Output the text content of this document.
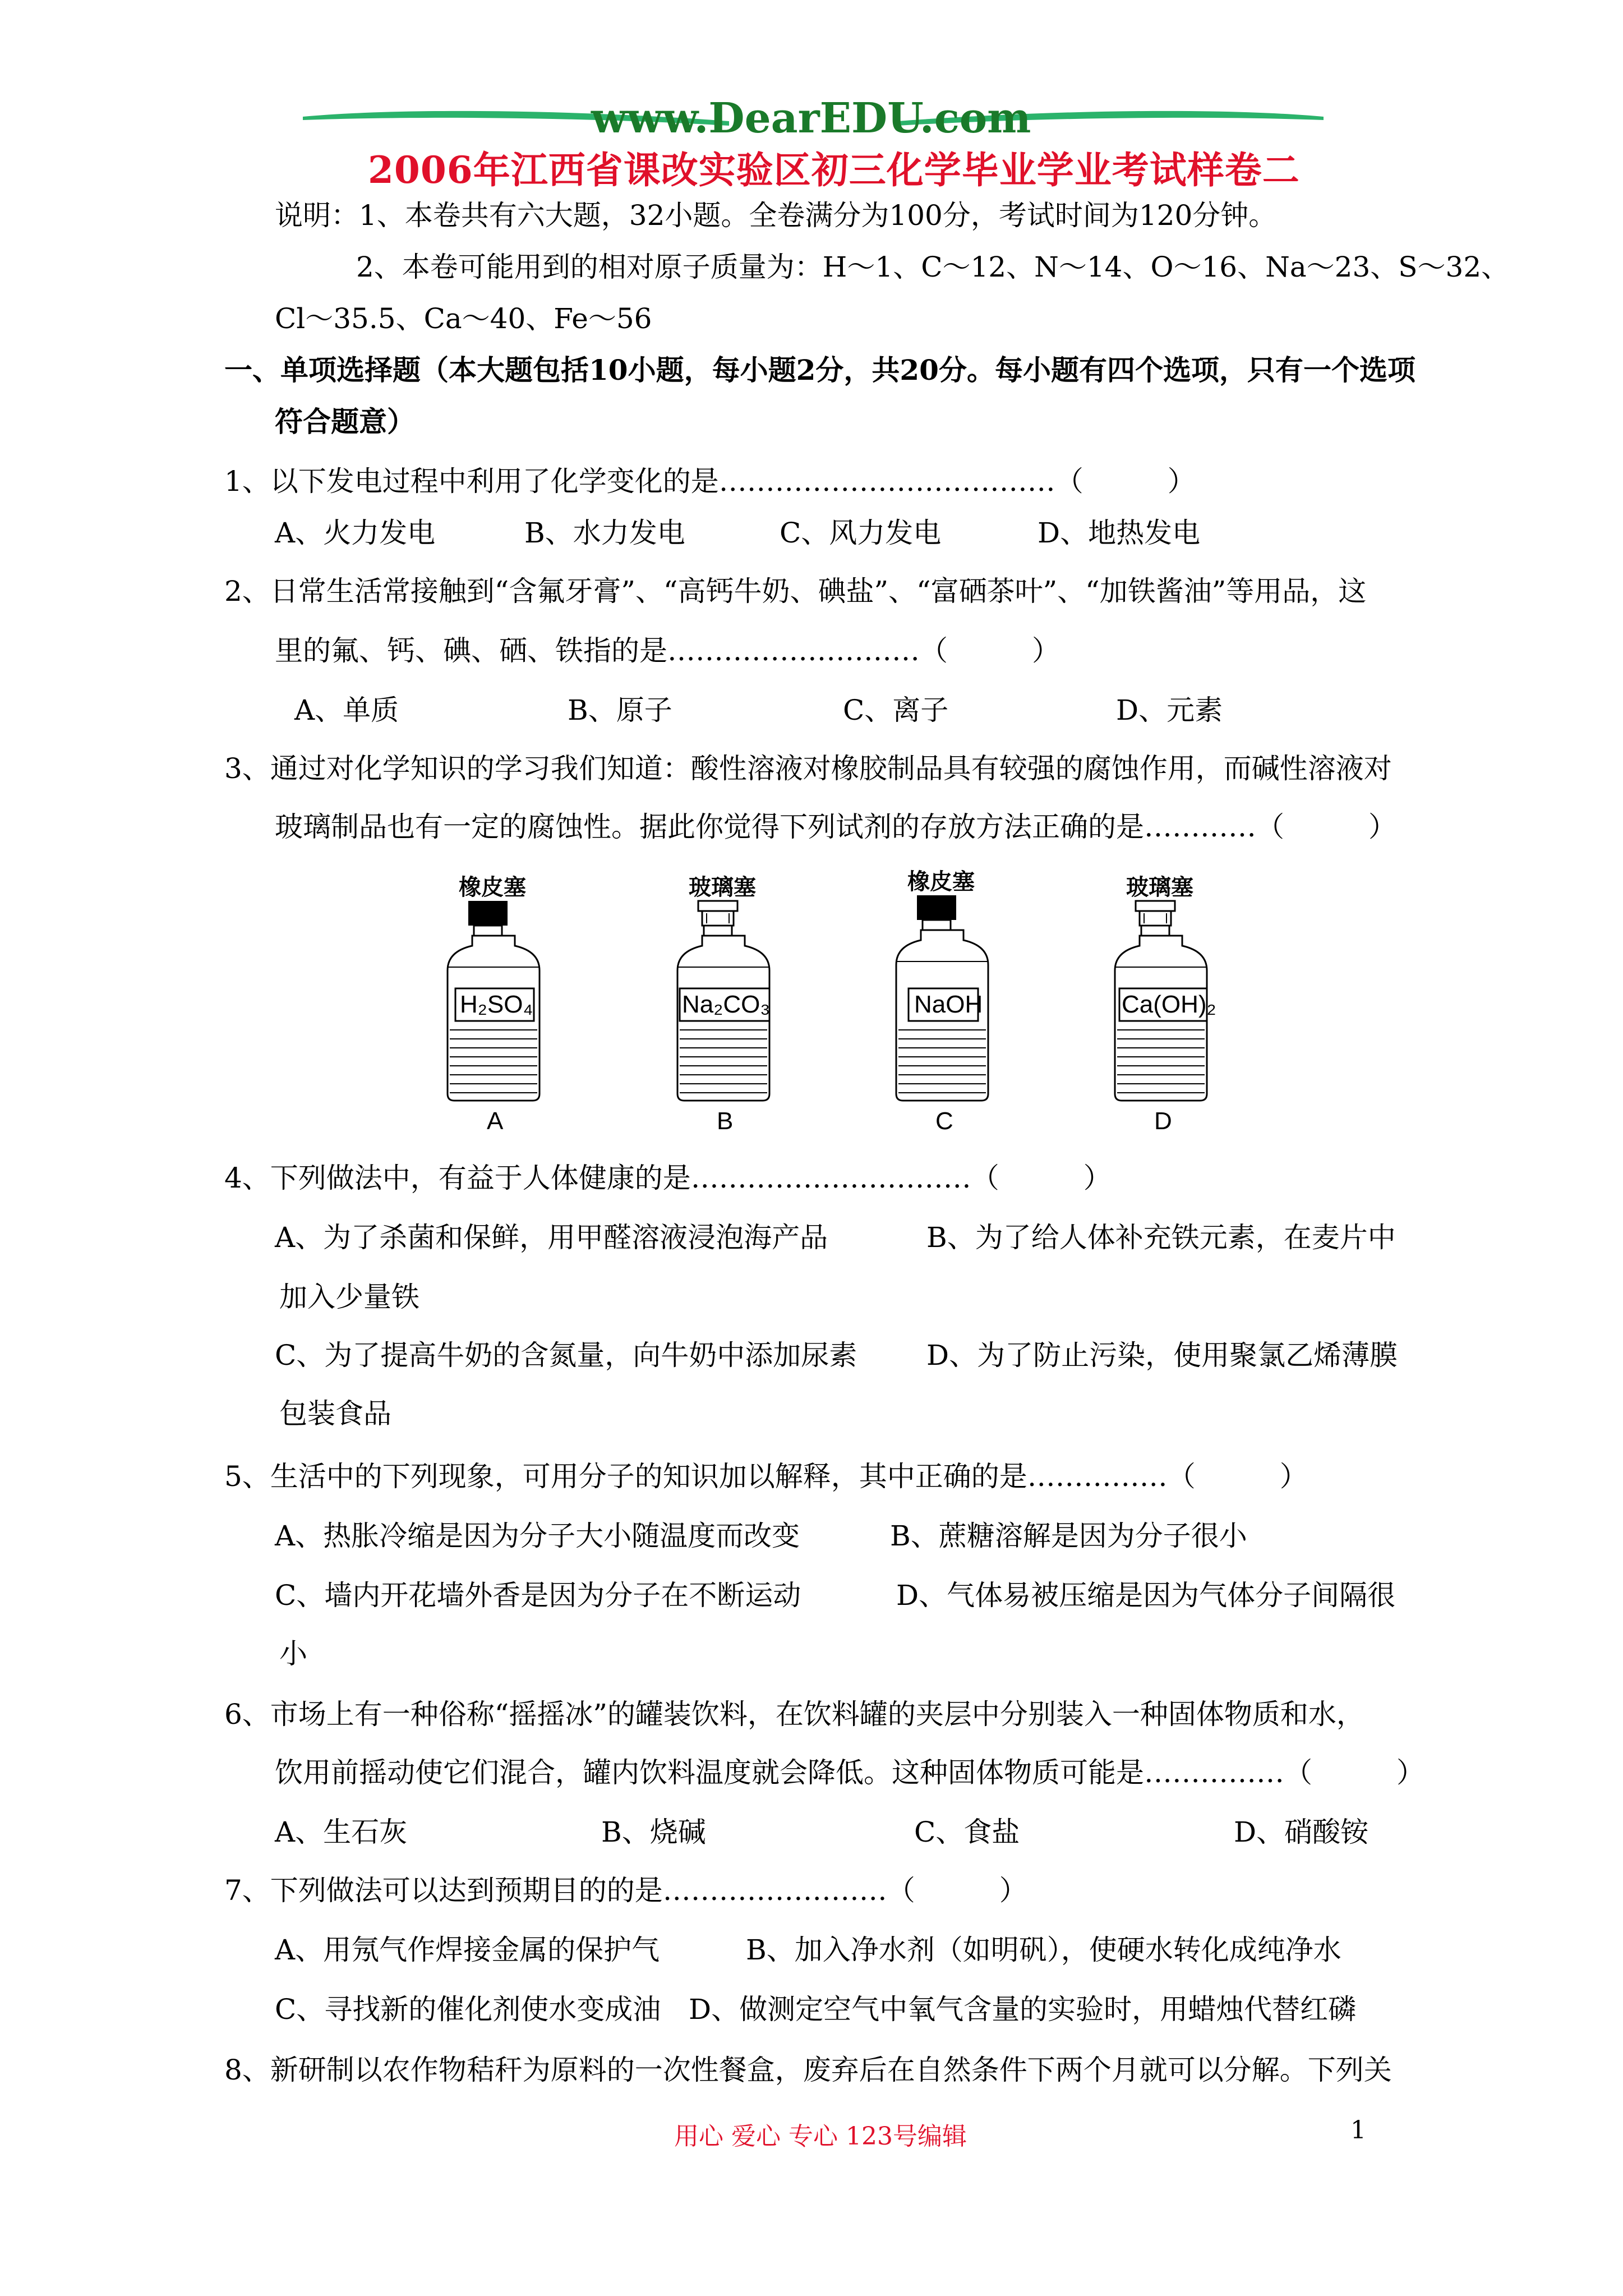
www.DearEDU.com
2006年江西省课改实验区初三化学毕业学业考试样卷二
说明：1、本卷共有六大题，32小题。全卷满分为100分，考试时间为120分钟。
2、本卷可能用到的相对原子质量为：H～1、C～12、N～14、O～16、Na～23、S～32、
Cl～35.5、Ca～40、Fe～56
一、单项选择题（本大题包括10小题，每小题2分，共20分。每小题有四个选项，只有一个选项
符合题意）
1、以下发电过程中利用了化学变化的是………………………………（　　　）
A、火力发电	B、水力发电	C、风力发电	D、地热发电
2、日常生活常接触到“含氟牙膏”、“高钙牛奶、碘盐”、“富硒茶叶”、“加铁酱油”等用品，这
里的氟、钙、碘、硒、铁指的是………………………（　　　）
A、单质	B、原子	C、离子	D、元素
3、通过对化学知识的学习我们知道：酸性溶液对橡胶制品具有较强的腐蚀作用，而碱性溶液对
玻璃制品也有一定的腐蚀性。据此你觉得下列试剂的存放方法正确的是…………（　　　）
橡皮塞
H₂SO₄
A
玻璃塞
Na₂CO₃
B
橡皮塞
NaOH
C
玻璃塞
Ca(OH)₂
D
4、下列做法中，有益于人体健康的是…………………………（　　　）
A、为了杀菌和保鲜，用甲醛溶液浸泡海产品	B、为了给人体补充铁元素，在麦片中
加入少量铁
C、为了提高牛奶的含氮量，向牛奶中添加尿素 D、为了防止污染，使用聚氯乙烯薄膜
包装食品
5、生活中的下列现象，可用分子的知识加以解释，其中正确的是……………（　　　）
A、热胀冷缩是因为分子大小随温度而改变	B、蔗糖溶解是因为分子很小
C、墙内开花墙外香是因为分子在不断运动	D、气体易被压缩是因为气体分子间隔很
小
6、市场上有一种俗称“摇摇冰”的罐装饮料，在饮料罐的夹层中分别装入一种固体物质和水，
饮用前摇动使它们混合，罐内饮料温度就会降低。这种固体物质可能是……………（　　　）
A、生石灰	B、烧碱	C、食盐	D、硝酸铵
7、下列做法可以达到预期目的的是……………………（　　　）
A、用氖气作焊接金属的保护气	B、加入净水剂（如明矾），使硬水转化成纯净水
C、寻找新的催化剂使水变成油 D、做测定空气中氧气含量的实验时，用蜡烛代替红磷
8、新研制以农作物秸秆为原料的一次性餐盒，废弃后在自然条件下两个月就可以分解。下列关
用心 爱心 专心 123号编辑	1
